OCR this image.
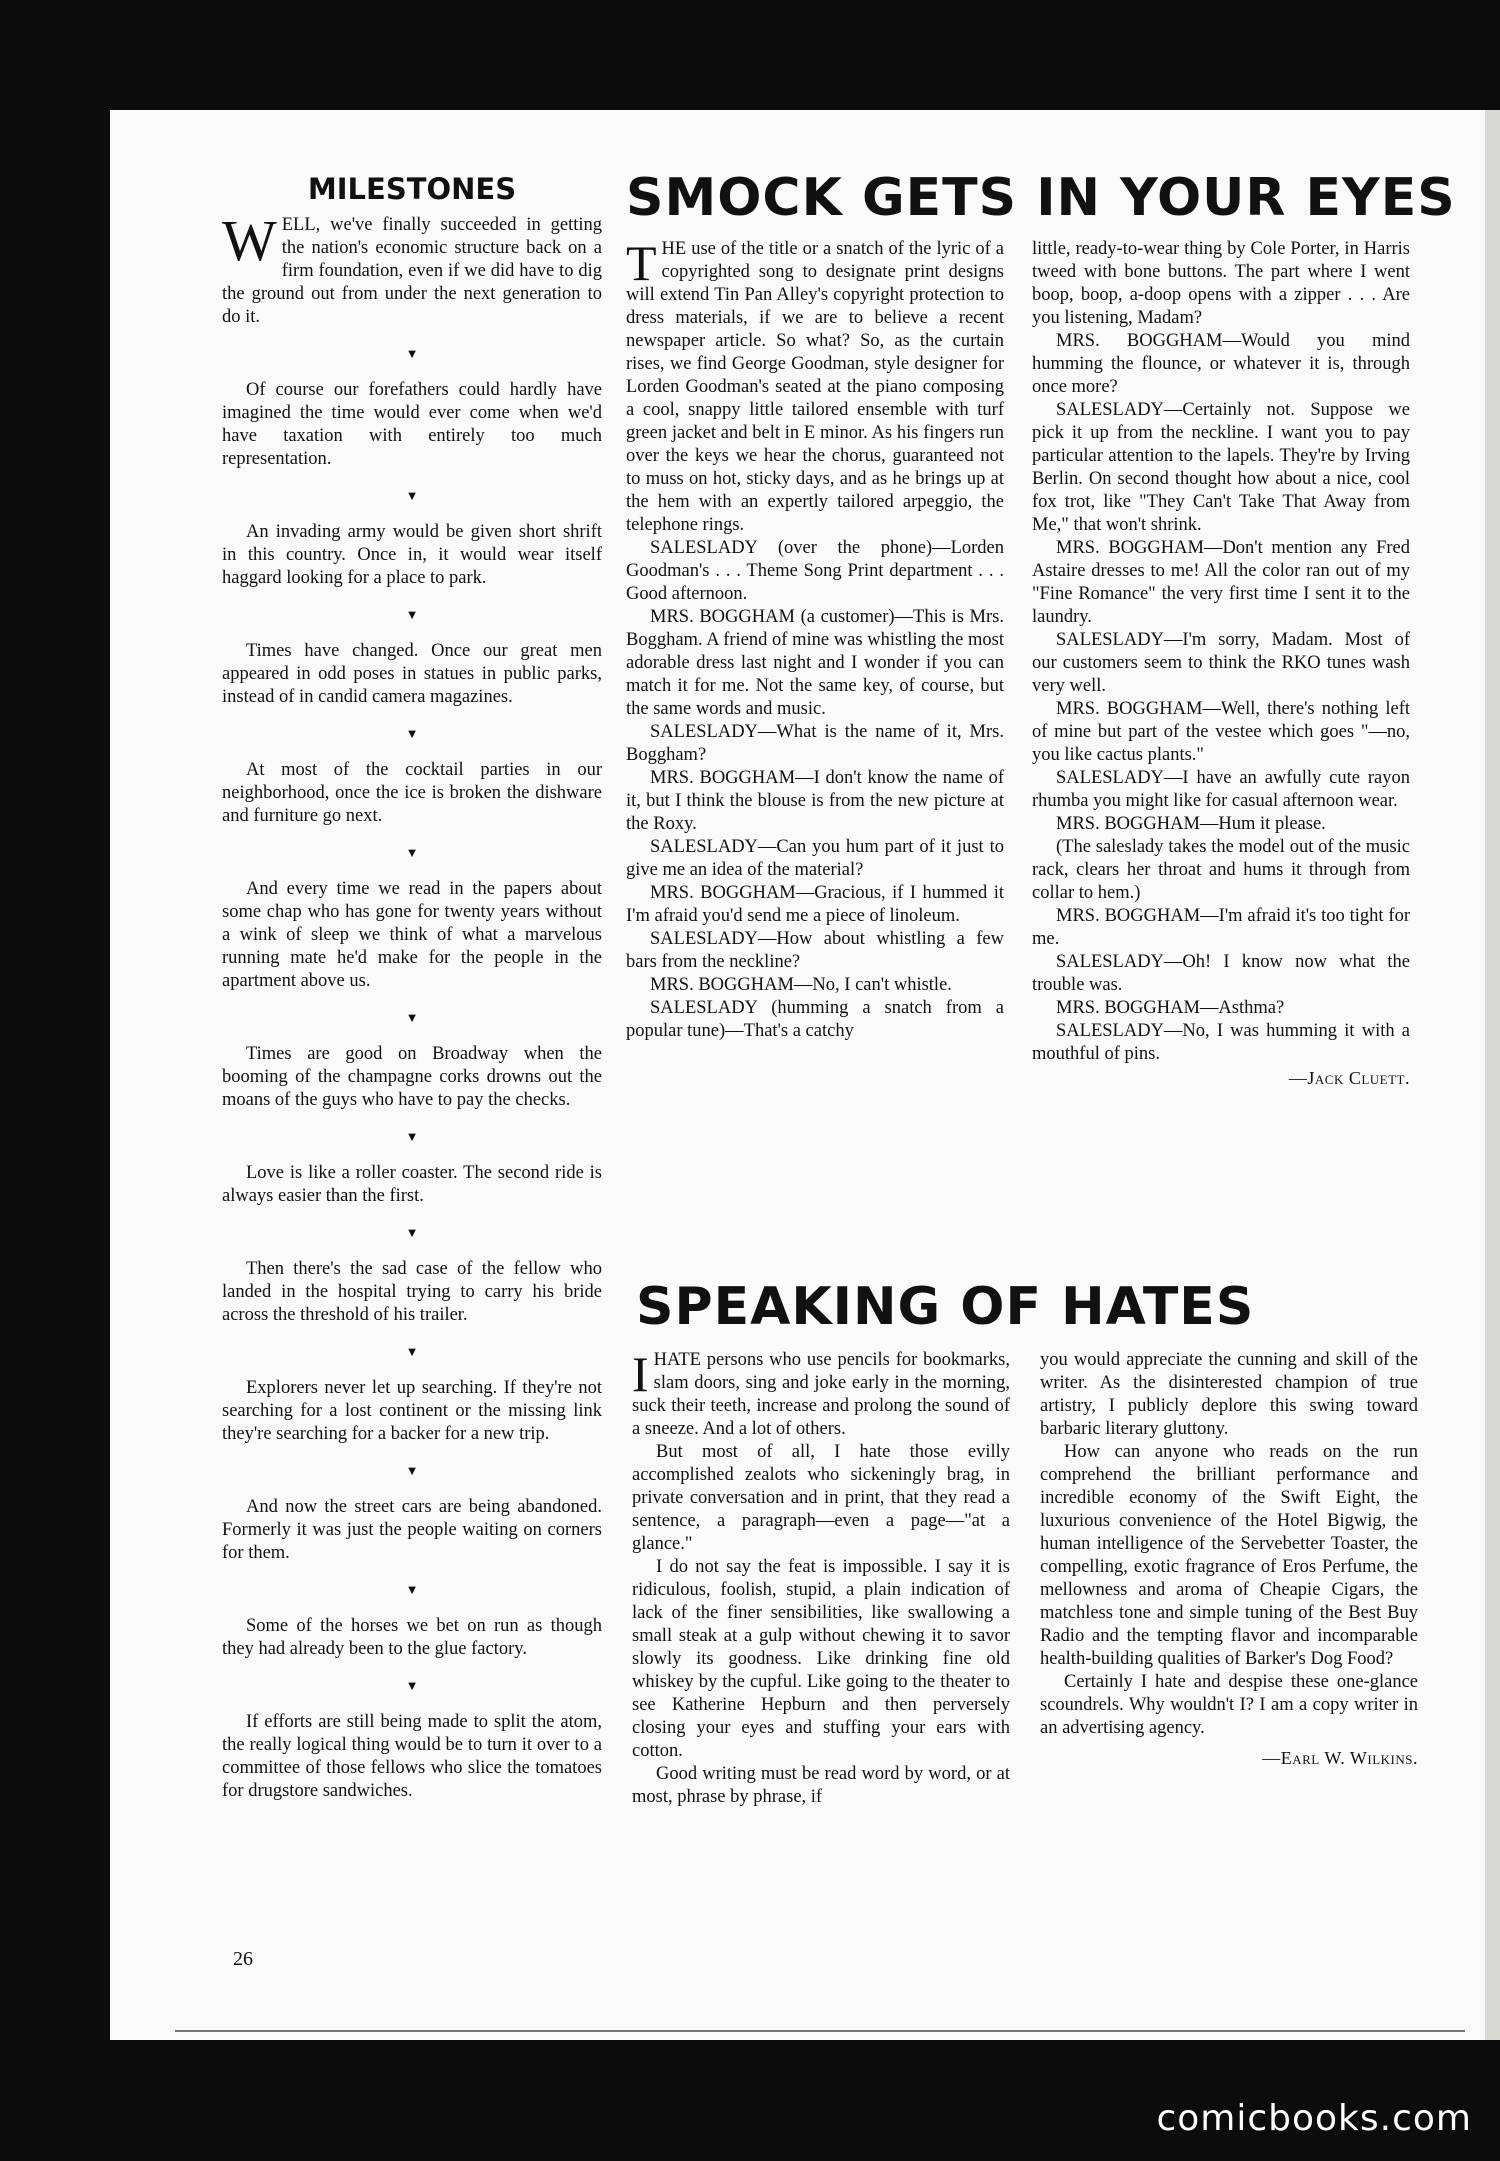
MILESTONES

WELL, we've finally succeeded in getting the nation's economic structure back on a firm foundation, even if we did have to dig the ground out from under the next generation to do it.

▼

Of course our forefathers could hardly have imagined the time would ever come when we'd have taxation with entirely too much representation.

▼

An invading army would be given short shrift in this country. Once in, it would wear itself haggard looking for a place to park.

▼

Times have changed. Once our great men appeared in odd poses in statues in public parks, instead of in candid camera magazines.

▼

At most of the cocktail parties in our neighborhood, once the ice is broken the dishware and furniture go next.

▼

And every time we read in the papers about some chap who has gone for twenty years without a wink of sleep we think of what a marvelous running mate he'd make for the people in the apartment above us.

▼

Times are good on Broadway when the booming of the champagne corks drowns out the moans of the guys who have to pay the checks.

▼

Love is like a roller coaster. The second ride is always easier than the first.

▼

Then there's the sad case of the fellow who landed in the hospital trying to carry his bride across the threshold of his trailer.

▼

Explorers never let up searching. If they're not searching for a lost continent or the missing link they're searching for a backer for a new trip.

▼

And now the street cars are being abandoned. Formerly it was just the people waiting on corners for them.

▼

Some of the horses we bet on run as though they had already been to the glue factory.

▼

If efforts are still being made to split the atom, the really logical thing would be to turn it over to a committee of those fellows who slice the tomatoes for drugstore sandwiches.

SMOCK GETS IN YOUR EYES

THE use of the title or a snatch of the lyric of a copyrighted song to designate print designs will extend Tin Pan Alley's copyright protection to dress materials, if we are to believe a recent newspaper article. So what? So, as the curtain rises, we find George Goodman, style designer for Lorden Goodman's seated at the piano composing a cool, snappy little tailored ensemble with turf green jacket and belt in E minor. As his fingers run over the keys we hear the chorus, guaranteed not to muss on hot, sticky days, and as he brings up at the hem with an expertly tailored arpeggio, the telephone rings.

SALESLADY (over the phone)—Lorden Goodman's . . . Theme Song Print department . . . Good afternoon.

MRS. BOGGHAM (a customer)—This is Mrs. Boggham. A friend of mine was whistling the most adorable dress last night and I wonder if you can match it for me. Not the same key, of course, but the same words and music.

SALESLADY—What is the name of it, Mrs. Boggham?

MRS. BOGGHAM—I don't know the name of it, but I think the blouse is from the new picture at the Roxy.

SALESLADY—Can you hum part of it just to give me an idea of the material?

MRS. BOGGHAM—Gracious, if I hummed it I'm afraid you'd send me a piece of linoleum.

SALESLADY—How about whistling a few bars from the neckline?

MRS. BOGGHAM—No, I can't whistle.

SALESLADY (humming a snatch from a popular tune)—That's a catchy

little, ready-to-wear thing by Cole Porter, in Harris tweed with bone buttons. The part where I went boop, boop, a-doop opens with a zipper . . . Are you listening, Madam?

MRS. BOGGHAM—Would you mind humming the flounce, or whatever it is, through once more?

SALESLADY—Certainly not. Suppose we pick it up from the neckline. I want you to pay particular attention to the lapels. They're by Irving Berlin. On second thought how about a nice, cool fox trot, like "They Can't Take That Away from Me," that won't shrink.

MRS. BOGGHAM—Don't mention any Fred Astaire dresses to me! All the color ran out of my "Fine Romance" the very first time I sent it to the laundry.

SALESLADY—I'm sorry, Madam. Most of our customers seem to think the RKO tunes wash very well.

MRS. BOGGHAM—Well, there's nothing left of mine but part of the vestee which goes "—no, you like cactus plants."

SALESLADY—I have an awfully cute rayon rhumba you might like for casual afternoon wear.

MRS. BOGGHAM—Hum it please.

(The saleslady takes the model out of the music rack, clears her throat and hums it through from collar to hem.)

MRS. BOGGHAM—I'm afraid it's too tight for me.

SALESLADY—Oh! I know now what the trouble was.

MRS. BOGGHAM—Asthma?

SALESLADY—No, I was humming it with a mouthful of pins.

—Jack Cluett.
SPEAKING OF HATES

IHATE persons who use pencils for bookmarks, slam doors, sing and joke early in the morning, suck their teeth, increase and prolong the sound of a sneeze. And a lot of others.

But most of all, I hate those evilly accomplished zealots who sickeningly brag, in private conversation and in print, that they read a sentence, a paragraph—even a page—"at a glance."

I do not say the feat is impossible. I say it is ridiculous, foolish, stupid, a plain indication of lack of the finer sensibilities, like swallowing a small steak at a gulp without chewing it to savor slowly its goodness. Like drinking fine old whiskey by the cupful. Like going to the theater to see Katherine Hepburn and then perversely closing your eyes and stuffing your ears with cotton.

Good writing must be read word by word, or at most, phrase by phrase, if

you would appreciate the cunning and skill of the writer. As the disinterested champion of true artistry, I publicly deplore this swing toward barbaric literary gluttony.

How can anyone who reads on the run comprehend the brilliant performance and incredible economy of the Swift Eight, the luxurious convenience of the Hotel Bigwig, the human intelligence of the Servebetter Toaster, the compelling, exotic fragrance of Eros Perfume, the mellowness and aroma of Cheapie Cigars, the matchless tone and simple tuning of the Best Buy Radio and the tempting flavor and incomparable health-building qualities of Barker's Dog Food?

Certainly I hate and despise these one-glance scoundrels. Why wouldn't I? I am a copy writer in an advertising agency.

—Earl W. Wilkins.
26
comicbooks.com
